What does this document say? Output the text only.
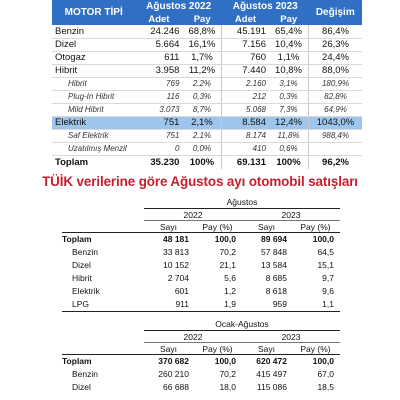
MOTOR TİPİ	Ağustos 2022		Ağustos 2023		Değişim
	Adet	Pay	Adet	Pay	
Benzin	24.246	68,8%	45.191	65,4%	86,4%
Dizel	5.664	16,1%	7.156	10,4%	26,3%
Otogaz	611	1,7%	760	1,1%	24,4%
Hibrit	3.958	11,2%	7.440	10,8%	88,0%
Hibrit	769	2,2%	2.160	3,1%	180,9%
Plug-In Hibrit	116	0,3%	212	0,3%	82,8%
Mild Hibrit	3.073	8,7%	5.068	7,3%	64,9%
Elektrik	751	2,1%	8.584	12,4%	1043,0%
Saf Elektrik	751	2,1%	8.174	11,8%	988,4%
Uzatılmış Menzil	0	0,0%	410	0,6%	
Toplam	35.230	100%	69.131	100%	96,2%
TÜİK verilerine göre Ağustos ayı otomobil satışları
Ağustos
2022	2023
Sayı	Pay (%)	Sayı	Pay (%)
Toplam	48 181	100,0	89 694	100,0
Benzin	33 813	70,2	57 848	64,5
Dizel	10 152	21,1	13 584	15,1
Hibrit	2 704	5,6	8 685	9,7
Elektrik	601	1,2	8 618	9,6
LPG	911	1,9	959	1,1
Ocak-Ağustos
2022	2023
Sayı	Pay (%)	Sayı	Pay (%)
Toplam	370 682	100,0	620 472	100,0
Benzin	260 210	70,2	415 497	67,0
Dizel	66 688	18,0	115 086	18,5
